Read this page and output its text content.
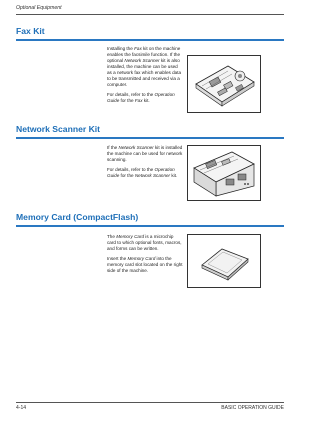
Optional Equipment
Fax Kit

Installing the Fax kit on the machine enables the facsimile function. If the optional Network Scanner kit is also installed, the machine can be used as a network fax which enables data to be transmitted and received via a computer.

For details, refer to the Operation Guide for the Fax kit.

Network Scanner Kit

If the Network Scanner kit is installed the machine can be used for network scanning.

For details, refer to the Operation Guide for the Network Scanner kit.

Memory Card (CompactFlash)

The Memory Card is a microchip card to which optional fonts, macros, and forms can be written.

Insert the Memory Card into the memory card slot located on the right side of the machine.

4-14	BASIC OPERATION GUIDE
